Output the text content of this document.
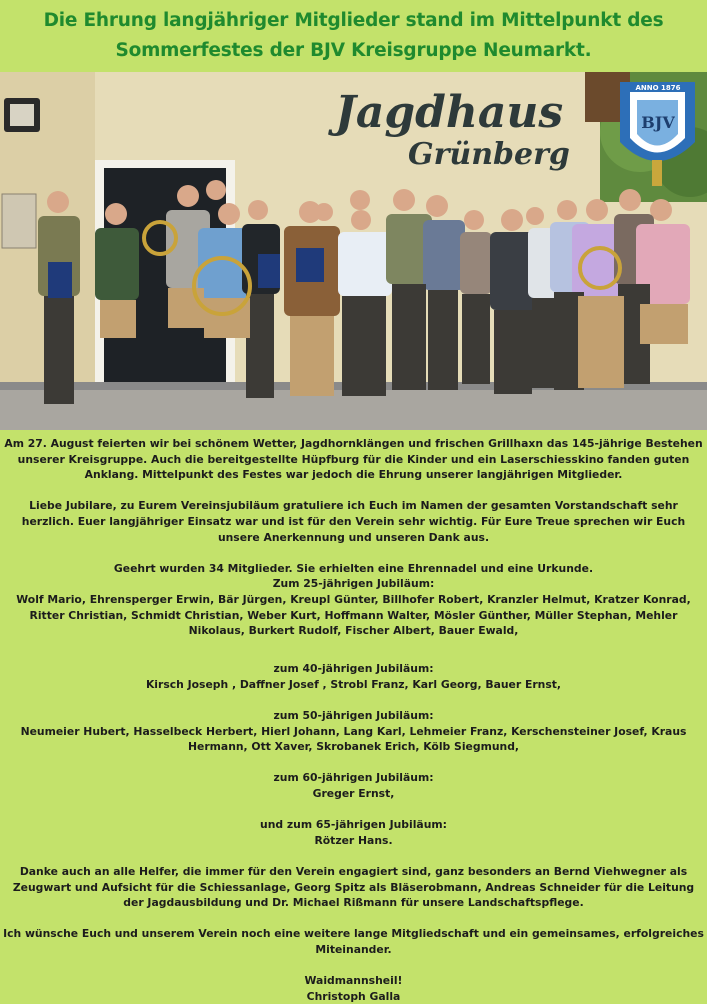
Die Ehrung langjähriger Mitglieder stand im Mittelpunkt des Sommerfestes der BJV Kreisgruppe Neumarkt.
Jagdhaus
Grünberg
ANNO 1876
BJV

Am 27. August feierten wir bei schönem Wetter, Jagdhornklängen und frischen Grillhaxn das 145-jährige Bestehen unserer Kreisgruppe. Auch die bereitgestellte Hüpfburg für die Kinder und ein Laserschiesskino fanden guten Anklang. Mittelpunkt des Festes war jedoch die Ehrung unserer langjährigen Mitglieder.

Liebe Jubilare, zu Eurem Vereinsjubiläum gratuliere ich Euch im Namen der gesamten Vorstandschaft sehr herzlich. Euer langjähriger Einsatz war und ist für den Verein sehr wichtig. Für Eure Treue sprechen wir Euch unsere Anerkennung und unseren Dank aus.

Geehrt wurden 34 Mitglieder. Sie erhielten eine Ehrennadel und eine Urkunde.

Zum 25-jährigen Jubiläum:

Wolf Mario, Ehrensperger Erwin, Bär Jürgen, Kreupl Günter, Billhofer Robert, Kranzler Helmut, Kratzer Konrad, Ritter Christian, Schmidt Christian, Weber Kurt, Hoffmann Walter, Mösler Günther, Müller Stephan, Mehler Nikolaus, Burkert Rudolf, Fischer Albert, Bauer Ewald,

zum 40-jährigen Jubiläum:

Kirsch Joseph , Daffner Josef , Strobl Franz, Karl Georg, Bauer Ernst,

zum 50-jährigen Jubiläum:

Neumeier Hubert, Hasselbeck Herbert, Hierl Johann, Lang Karl, Lehmeier Franz, Kerschensteiner Josef, Kraus Hermann, Ott Xaver, Skrobanek Erich, Kölb Siegmund,

zum 60-jährigen Jubiläum:

Greger Ernst,

und zum 65-jährigen Jubiläum:

Rötzer Hans.

Danke auch an alle Helfer, die immer für den Verein engagiert sind, ganz besonders an Bernd Viehwegner als Zeugwart und Aufsicht für die Schiessanlage, Georg Spitz als Bläserobmann, Andreas Schneider für die Leitung der Jagdausbildung und Dr. Michael Rißmann für unsere Landschaftspflege.

Ich wünsche Euch und unserem Verein noch eine weitere lange Mitgliedschaft und ein gemeinsames, erfolgreiches Miteinander.

Waidmannsheil!

Christoph Galla
